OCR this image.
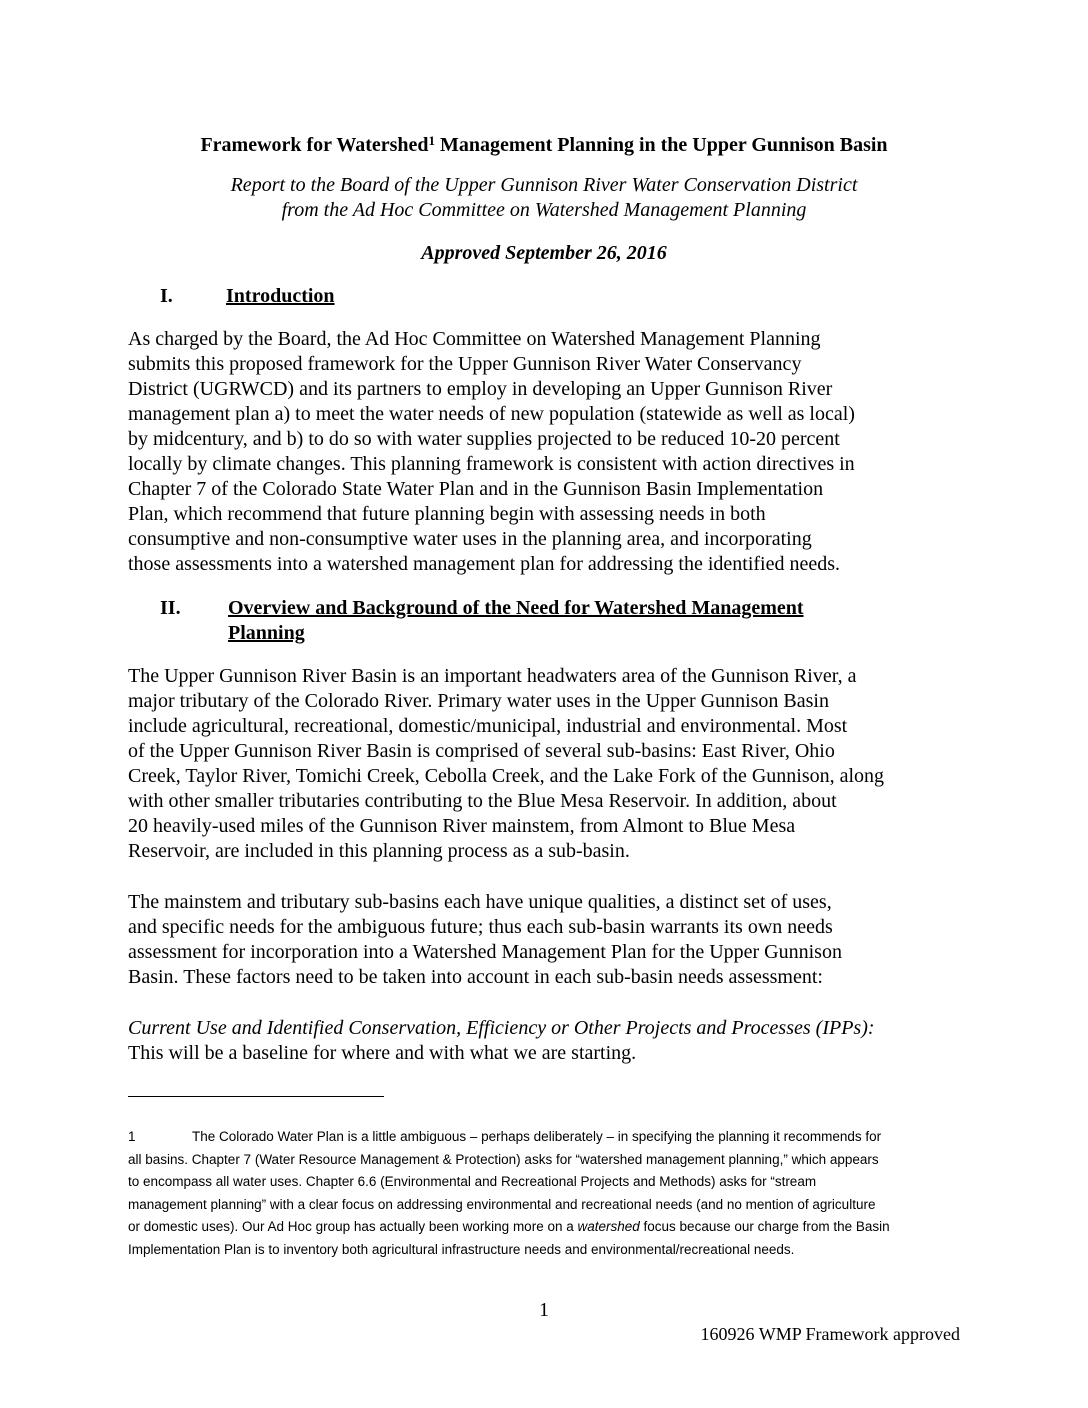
Framework for Watershed$^1$ Management Planning in the Upper Gunnison Basin
Report to the Board of the Upper Gunnison River Water Conservation District
from the Ad Hoc Committee on Watershed Management Planning
Approved September 26, 2016
I.	Introduction
As charged by the Board, the Ad Hoc Committee on Watershed Management Planning
submits this proposed framework for the Upper Gunnison River Water Conservancy
District (UGRWCD) and its partners to employ in developing an Upper Gunnison River
management plan a) to meet the water needs of new population (statewide as well as local)
by midcentury, and b) to do so with water supplies projected to be reduced 10-20 percent
locally by climate changes. This planning framework is consistent with action directives in
Chapter 7 of the Colorado State Water Plan and in the Gunnison Basin Implementation
Plan, which recommend that future planning begin with assessing needs in both
consumptive and non-consumptive water uses in the planning area, and incorporating
those assessments into a watershed management plan for addressing the identified needs.
II. Overview and Background of the Need for Watershed Management
Planning
The Upper Gunnison River Basin is an important headwaters area of the Gunnison River, a
major tributary of the Colorado River. Primary water uses in the Upper Gunnison Basin
include agricultural, recreational, domestic/municipal, industrial and environmental. Most
of the Upper Gunnison River Basin is comprised of several sub-basins: East River, Ohio
Creek, Taylor River, Tomichi Creek, Cebolla Creek, and the Lake Fork of the Gunnison, along
with other smaller tributaries contributing to the Blue Mesa Reservoir. In addition, about
20 heavily-used miles of the Gunnison River mainstem, from Almont to Blue Mesa
Reservoir, are included in this planning process as a sub-basin.
The mainstem and tributary sub-basins each have unique qualities, a distinct set of uses,
and specific needs for the ambiguous future; thus each sub-basin warrants its own needs
assessment for incorporation into a Watershed Management Plan for the Upper Gunnison
Basin. These factors need to be taken into account in each sub-basin needs assessment:
Current Use and Identified Conservation, Efficiency or Other Projects and Processes (IPPs):
This will be a baseline for where and with what we are starting.
1	The Colorado Water Plan is a little ambiguous – perhaps deliberately – in specifying the planning it recommends for
all basins. Chapter 7 (Water Resource Management & Protection) asks for “watershed management planning,” which appears
to encompass all water uses. Chapter 6.6 (Environmental and Recreational Projects and Methods) asks for “stream
management planning” with a clear focus on addressing environmental and recreational needs (and no mention of agriculture
or domestic uses). Our Ad Hoc group has actually been working more on a watershed focus because our charge from the Basin
Implementation Plan is to inventory both agricultural infrastructure needs and environmental/recreational needs.
1
160926 WMP Framework approved
